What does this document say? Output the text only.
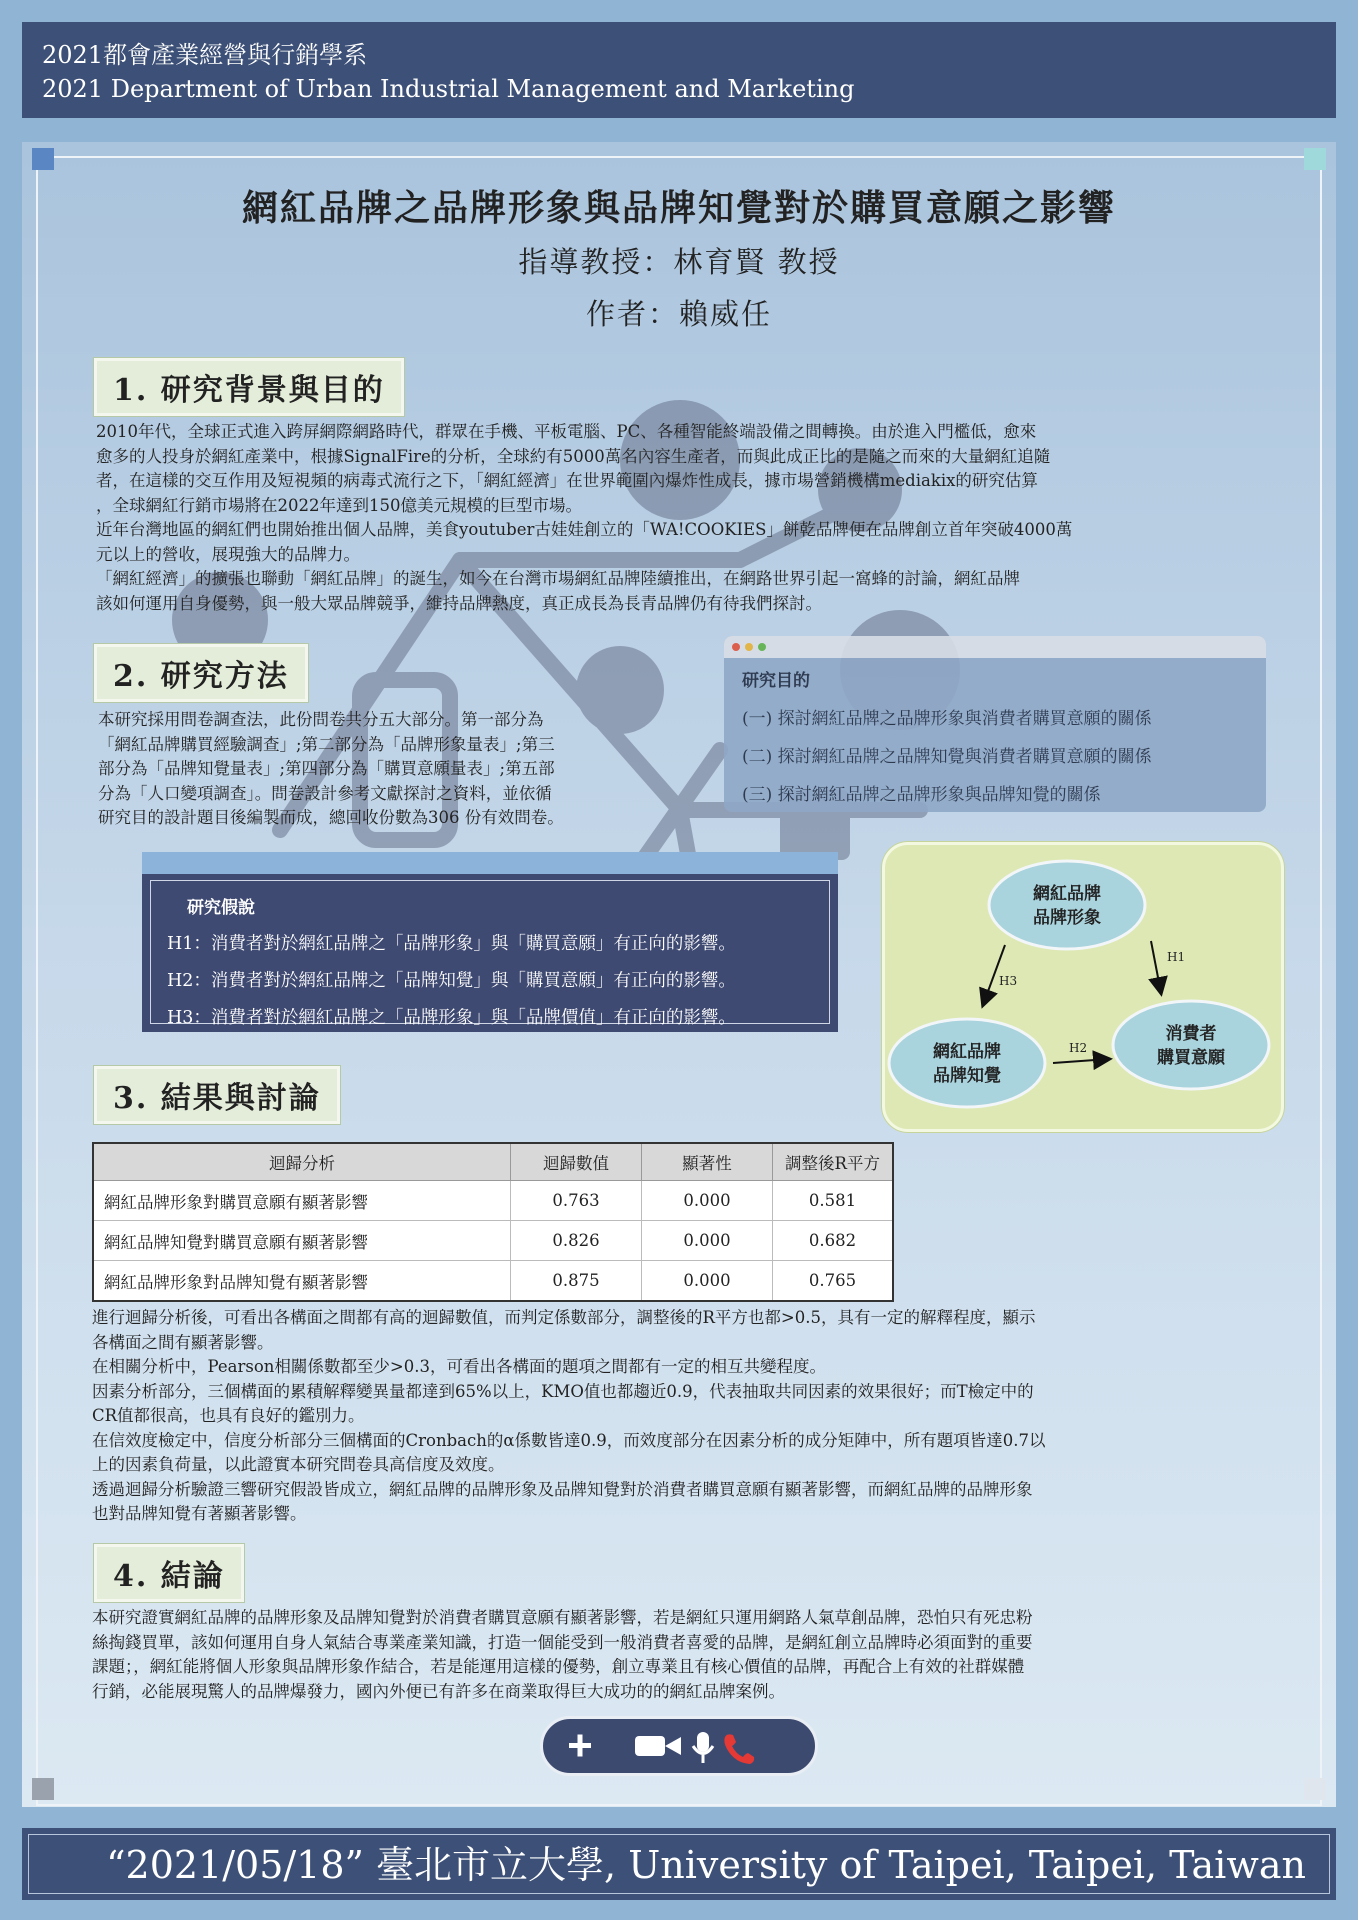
2021都會產業經營與行銷學系
2021 Department of Urban Industrial Management and Marketing
網紅品牌之品牌形象與品牌知覺對於購買意願之影響
指導教授：林育賢 教授
作者：賴威任
1. 研究背景與目的

2010年代，全球正式進入跨屏網際網路時代，群眾在手機、平板電腦、PC、各種智能終端設備之間轉換。由於進入門檻低，愈來

愈多的人投身於網紅產業中，根據SignalFire的分析，全球約有5000萬名內容生產者，而與此成正比的是隨之而來的大量網紅追隨

者，在這樣的交互作用及短視頻的病毒式流行之下，「網紅經濟」在世界範圍內爆炸性成長，據市場營銷機構mediakix的研究估算

，全球網紅行銷市場將在2022年達到150億美元規模的巨型市場。

近年台灣地區的網紅們也開始推出個人品牌，美食youtuber古娃娃創立的「WA!COOKIES」餅乾品牌便在品牌創立首年突破4000萬

元以上的營收，展現強大的品牌力。

「網紅經濟」的擴張也聯動「網紅品牌」的誕生，如今在台灣市場網紅品牌陸續推出，在網路世界引起一窩蜂的討論，網紅品牌

該如何運用自身優勢，與一般大眾品牌競爭，維持品牌熱度，真正成長為長青品牌仍有待我們探討。

2. 研究方法

本研究採用問卷調查法，此份問卷共分五大部分。第一部分為

「網紅品牌購買經驗調查」;第二部分為「品牌形象量表」;第三

部分為「品牌知覺量表」;第四部分為「購買意願量表」;第五部

分為「人口變項調查」。問卷設計參考文獻探討之資料，並依循

研究目的設計題目後編製而成，總回收份數為306 份有效問卷。

研究目的
(一) 探討網紅品牌之品牌形象與消費者購買意願的關係
(二) 探討網紅品牌之品牌知覺與消費者購買意願的關係
(三) 探討網紅品牌之品牌形象與品牌知覺的關係
研究假說
H1：消費者對於網紅品牌之「品牌形象」與「購買意願」有正向的影響。
H2：消費者對於網紅品牌之「品牌知覺」與「購買意願」有正向的影響。
H3：消費者對於網紅品牌之「品牌形象」與「品牌價值」有正向的影響。
網紅品牌
品牌形象
網紅品牌
品牌知覺
消費者
購買意願
H1
H2
H3
3. 結果與討論
迴歸分析	迴歸數值	顯著性	調整後R平方
網紅品牌形象對購買意願有顯著影響	0.763	0.000	0.581
網紅品牌知覺對購買意願有顯著影響	0.826	0.000	0.682
網紅品牌形象對品牌知覺有顯著影響	0.875	0.000	0.765

進行迴歸分析後，可看出各構面之間都有高的迴歸數值，而判定係數部分，調整後的R平方也都>0.5，具有一定的解釋程度，顯示

各構面之間有顯著影響。

在相關分析中，Pearson相關係數都至少>0.3，可看出各構面的題項之間都有一定的相互共變程度。

因素分析部分，三個構面的累積解釋變異量都達到65%以上，KMO值也都趨近0.9，代表抽取共同因素的效果很好；而T檢定中的

CR值都很高，也具有良好的鑑別力。

在信效度檢定中，信度分析部分三個構面的Cronbach的α係數皆達0.9，而效度部分在因素分析的成分矩陣中，所有題項皆達0.7以

上的因素負荷量，以此證實本研究問卷具高信度及效度。

透過迴歸分析驗證三響研究假設皆成立，網紅品牌的品牌形象及品牌知覺對於消費者購買意願有顯著影響，而網紅品牌的品牌形象

也對品牌知覺有著顯著影響。

4. 結論

本研究證實網紅品牌的品牌形象及品牌知覺對於消費者購買意願有顯著影響，若是網紅只運用網路人氣草創品牌，恐怕只有死忠粉

絲掏錢買單，該如何運用自身人氣結合專業產業知識，打造一個能受到一般消費者喜愛的品牌，是網紅創立品牌時必須面對的重要

課題；，網紅能將個人形象與品牌形象作結合，若是能運用這樣的優勢，創立專業且有核心價值的品牌，再配合上有效的社群媒體

行銷，必能展現驚人的品牌爆發力，國內外便已有許多在商業取得巨大成功的的網紅品牌案例。

“2021/05/18” 臺北市立大學, University of Taipei, Taipei, Taiwan
